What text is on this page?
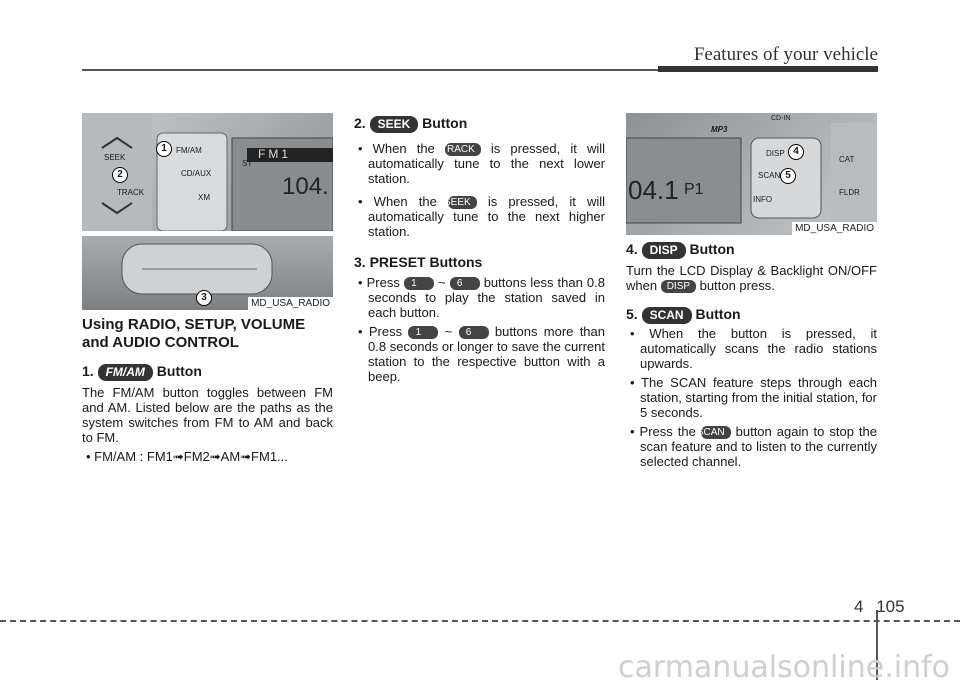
Features of your vehicle
1
2
FM/AM
CD/AUX
XM
SEEK
TRACK
FM1
104.
ST
3
MD_USA_RADIO
DISP
SCAN
INFO
CAT
FLDR
04.1 P1
CD-IN
MP3
4
5
MD_USA_RADIO

Using RADIO, SETUP, VOLUME and AUDIO CONTROL

1. FM/AM Button

The FM/AM button toggles between FM and AM. Listed below are the paths as the system switches from FM to AM and back to FM.

• FM/AM : FM1➟FM2➟AM➟FM1...

2. SEEK Button

• When the TRACK is pressed, it will automatically tune to the next lower station.

• When the SEEK is pressed, it will automatically tune to the next higher station.

3. PRESET Buttons

• Press 1 ~ 6 buttons less than 0.8 seconds to play the station saved in each button.

• Press 1 ~ 6 buttons more than 0.8 seconds or longer to save the current station to the respective button with a beep.

4. DISP Button

Turn the LCD Display & Backlight ON/OFF when DISP button press.

5. SCAN Button

• When the button is pressed, it automatically scans the radio stations upwards.

• The SCAN feature steps through each station, starting from the initial station, for 5 seconds.

• Press the SCAN button again to stop the scan feature and to listen to the currently selected channel.

4 105
carmanualsonline.info
